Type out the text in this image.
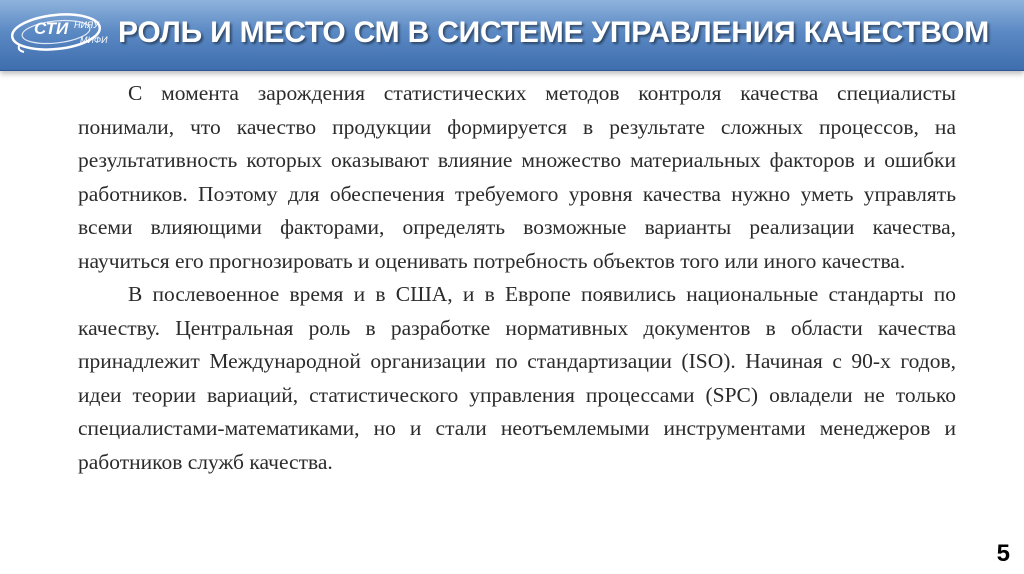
СТИ НИЯУ
МИФИ РОЛЬ И МЕСТО СМ В СИСТЕМЕ УПРАВЛЕНИЯ КАЧЕСТВОМ

С момента зарождения статистических методов контроля качества специалисты понимали, что качество продукции формируется в результате сложных процессов, на результативность которых оказывают влияние множество материальных факторов и ошибки работников. Поэтому для обеспечения требуемого уровня качества нужно уметь управлять всеми влияющими факторами, определять возможные варианты реализации качества, научиться его прогнозировать и оценивать потребность объектов того или иного качества.

В послевоенное время и в США, и в Европе появились национальные стандарты по качеству. Центральная роль в разработке нормативных документов в области качества принадлежит Международной организации по стандартизации (ISO). Начиная с 90-х годов, идеи теории вариаций, статистического управления процессами (SPC) овладели не только специалистами-математиками, но и стали неотъемлемыми инструментами менеджеров и работников служб качества.

5
